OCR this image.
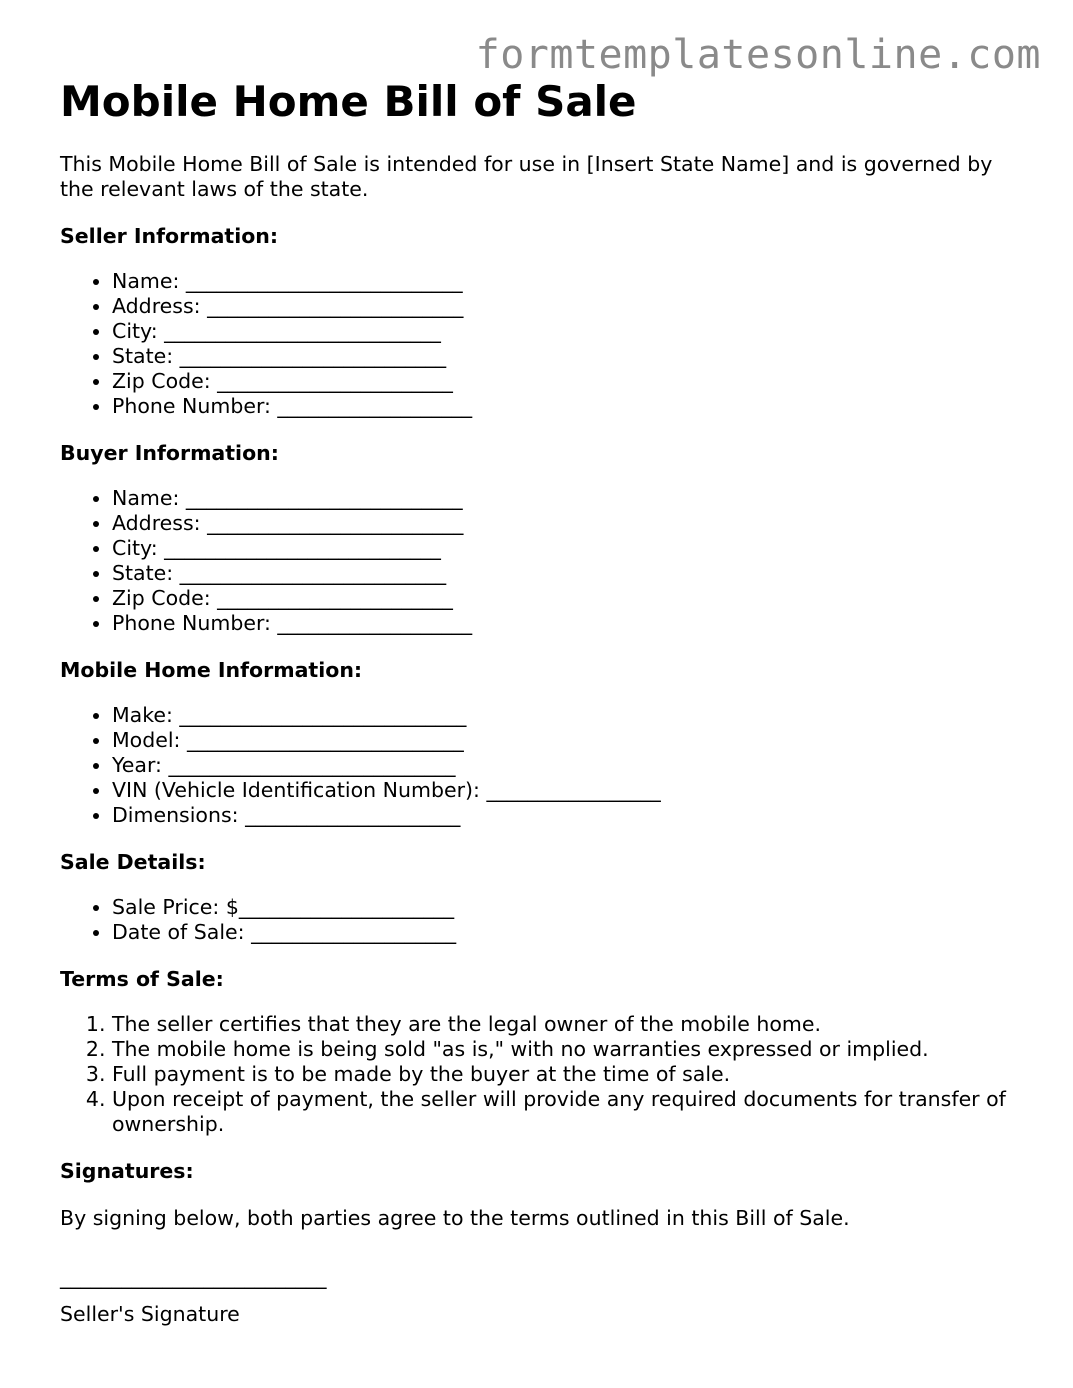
formtemplatesonline.com
Mobile Home Bill of Sale

This Mobile Home Bill of Sale is intended for use in [Insert State Name] and is governed by the relevant laws of the state.

Seller Information:
• Name: ___________________________
• Address: _________________________
• City: ___________________________
• State: __________________________
• Zip Code: _______________________
• Phone Number: ___________________
Buyer Information:
• Name: ___________________________
• Address: _________________________
• City: ___________________________
• State: __________________________
• Zip Code: _______________________
• Phone Number: ___________________
Mobile Home Information:
• Make: ____________________________
• Model: ___________________________
• Year: ____________________________
• VIN (Vehicle Identification Number): _________________
• Dimensions: _____________________
Sale Details:
• Sale Price: $_____________________
• Date of Sale: ____________________
Terms of Sale:
1. The seller certifies that they are the legal owner of the mobile home.
2. The mobile home is being sold "as is," with no warranties expressed or implied.
3. Full payment is to be made by the buyer at the time of sale.
4. Upon receipt of payment, the seller will provide any required documents for transfer of ownership.
Signatures:

By signing below, both parties agree to the terms outlined in this Bill of Sale.

__________________________
Seller's Signature
